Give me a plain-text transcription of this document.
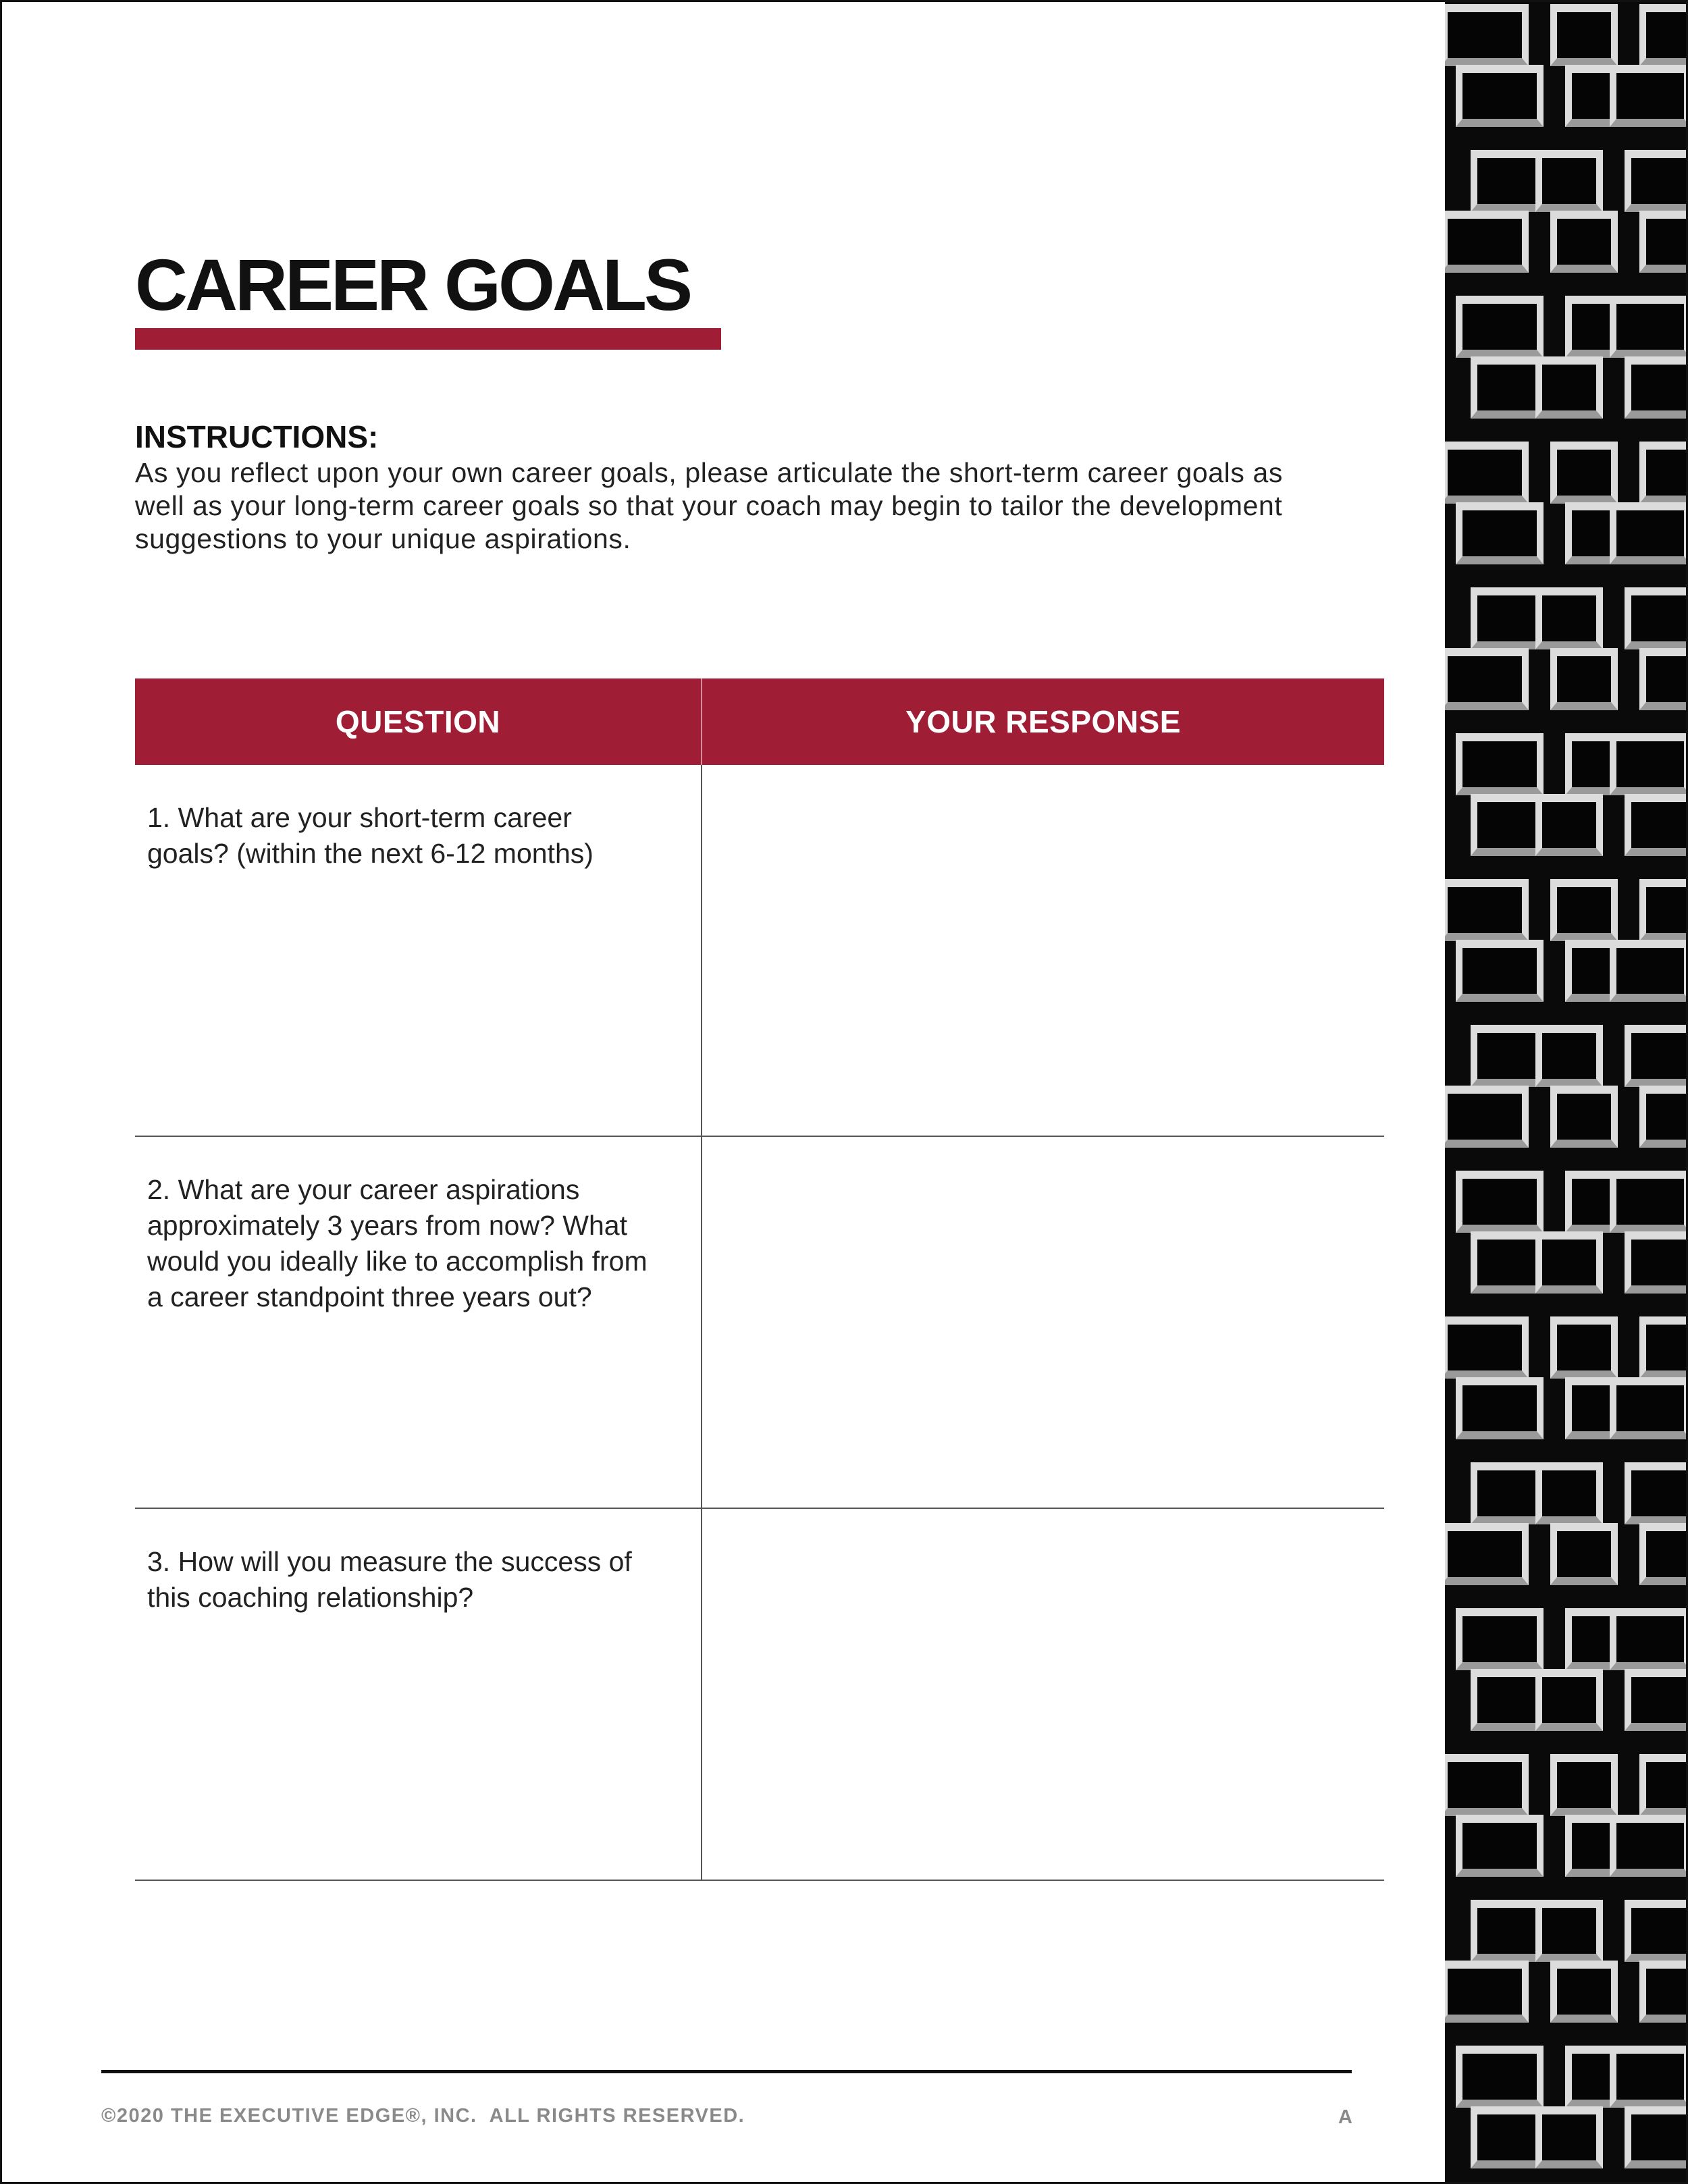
CAREER GOALS
INSTRUCTIONS:

As you reflect upon your own career goals, please articulate the short-term career goals as well as your long-term career goals so that your coach may begin to tailor the development suggestions to your unique aspirations.

QUESTION	YOUR RESPONSE
1. What are your short-term career
goals? (within the next 6-12 months)
2. What are your career aspirations
approximately 3 years from now? What
would you ideally like to accomplish from
a career standpoint three years out?
3. How will you measure the success of
this coaching relationship?
©2020 THE EXECUTIVE EDGE®, INC.  ALL RIGHTS RESERVED.	A
